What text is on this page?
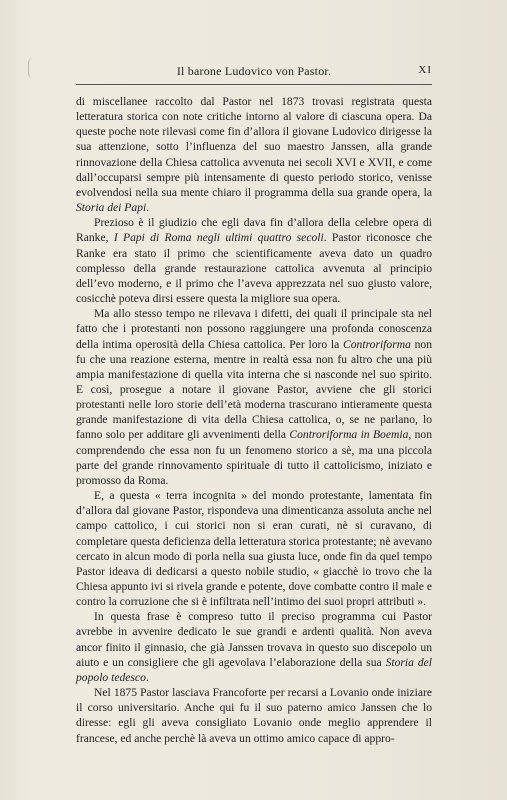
Il barone Ludovico von Pastor.	XI

di miscellanee raccolto dal Pastor nel 1873 trovasi registrata questa letteratura storica con note critiche intorno al valore di ciascuna opera. Da queste poche note rilevasi come fin d’allora il giovane Ludovico dirigesse la sua attenzione, sotto l’influenza del suo maestro Janssen, alla grande rinnovazione della Chiesa cattolica avvenuta nei secoli XVI e XVII, e come dall’occuparsi sempre più intensamente di questo periodo storico, venisse evolvendosi nella sua mente chiaro il programma della sua grande opera, la Storia dei Papi.

Prezioso è il giudizio che egli dava fin d’allora della celebre opera di Ranke, I Papi di Roma negli ultimi quattro secoli. Pastor riconosce che Ranke era stato il primo che scientificamente aveva dato un quadro complesso della grande restaurazione cattolica avvenuta al principio dell’evo moderno, e il primo che l’aveva apprezzata nel suo giusto valore, cosicchè poteva dirsi essere questa la migliore sua opera.

Ma allo stesso tempo ne rilevava i difetti, dei quali il principale sta nel fatto che i protestanti non possono raggiungere una profonda conoscenza della intima operosità della Chiesa cattolica. Per loro la Controriforma non fu che una reazione esterna, mentre in realtà essa non fu altro che una più ampia manifestazione di quella vita interna che si nasconde nel suo spirito. E così, prosegue a notare il giovane Pastor, avviene che gli storici protestanti nelle loro storie dell’età moderna trascurano intieramente questa grande manifestazione di vita della Chiesa cattolica, o, se ne parlano, lo fanno solo per additare gli avvenimenti della Controriforma in Boemia, non comprendendo che essa non fu un fenomeno storico a sè, ma una piccola parte del grande rinnovamento spirituale di tutto il cattolicismo, iniziato e promosso da Roma.

E, a questa « terra incognita » del mondo protestante, lamentata fin d’allora dal giovane Pastor, rispondeva una dimenticanza assoluta anche nel campo cattolico, i cui storici non si eran curati, nè si curavano, di completare questa deficienza della letteratura storica protestante; nè avevano cercato in alcun modo di porla nella sua giusta luce, onde fin da quel tempo Pastor ideava di dedicarsi a questo nobile studio, « giacchè io trovo che la Chiesa appunto ivi si rivela grande e potente, dove combatte contro il male e contro la corruzione che si è infiltrata nell’intimo dei suoi propri attributi ».

In questa frase è compreso tutto il preciso programma cui Pastor avrebbe in avvenire dedicato le sue grandi e ardenti qualità. Non aveva ancor finito il ginnasio, che già Janssen trovava in questo suo discepolo un aiuto e un consigliere che gli agevolava l’elaborazione della sua Storia del popolo tedesco.

Nel 1875 Pastor lasciava Francoforte per recarsi a Lovanio onde iniziare il corso universitario. Anche qui fu il suo paterno amico Janssen che lo diresse: egli gli aveva consigliato Lovanio onde meglio apprendere il francese, ed anche perchè là aveva un ottimo amico capace di appro-
